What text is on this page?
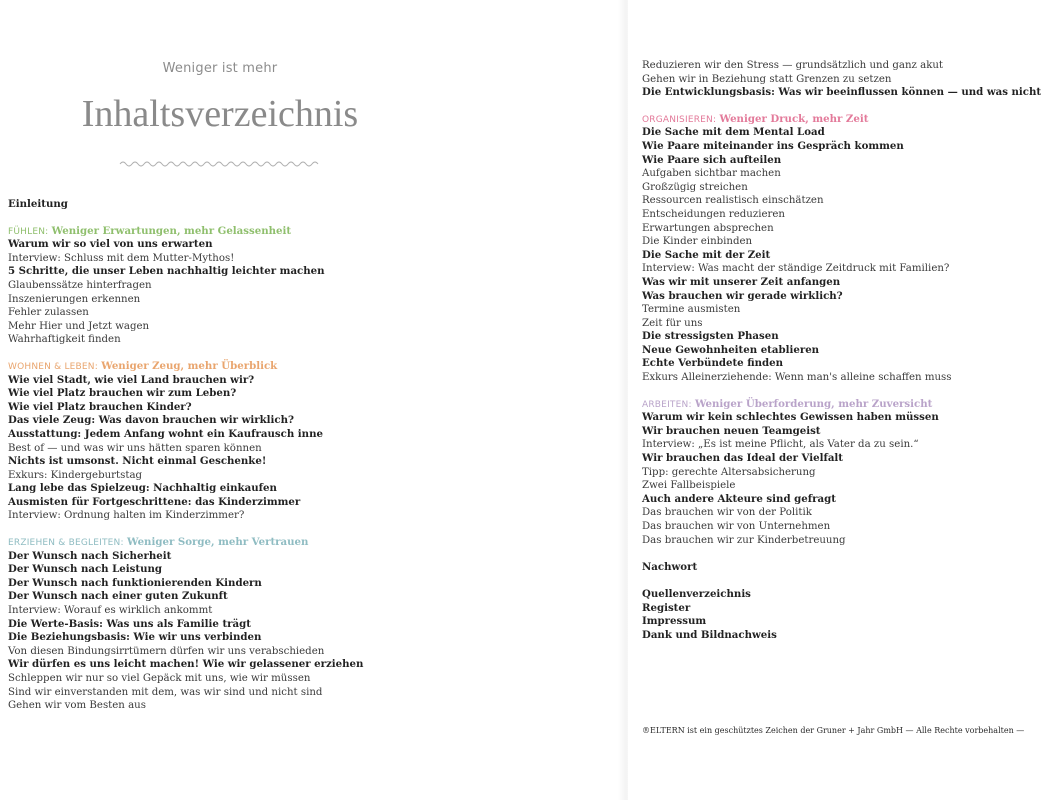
Weniger ist mehr
Inhaltsverzeichnis
Einleitung
FÜHLEN: Weniger Erwartungen, mehr Gelassenheit
Warum wir so viel von uns erwarten
Interview: Schluss mit dem Mutter-Mythos!
5 Schritte, die unser Leben nachhaltig leichter machen
Glaubenssätze hinterfragen
Inszenierungen erkennen
Fehler zulassen
Mehr Hier und Jetzt wagen
Wahrhaftigkeit finden
WOHNEN & LEBEN: Weniger Zeug, mehr Überblick
Wie viel Stadt, wie viel Land brauchen wir?
Wie viel Platz brauchen wir zum Leben?
Wie viel Platz brauchen Kinder?
Das viele Zeug: Was davon brauchen wir wirklich?
Ausstattung: Jedem Anfang wohnt ein Kaufrausch inne
Best of — und was wir uns hätten sparen können
Nichts ist umsonst. Nicht einmal Geschenke!
Exkurs: Kindergeburtstag
Lang lebe das Spielzeug: Nachhaltig einkaufen
Ausmisten für Fortgeschrittene: das Kinderzimmer
Interview: Ordnung halten im Kinderzimmer?
ERZIEHEN & BEGLEITEN: Weniger Sorge, mehr Vertrauen
Der Wunsch nach Sicherheit
Der Wunsch nach Leistung
Der Wunsch nach funktionierenden Kindern
Der Wunsch nach einer guten Zukunft
Interview: Worauf es wirklich ankommt
Die Werte-Basis: Was uns als Familie trägt
Die Beziehungsbasis: Wie wir uns verbinden
Von diesen Bindungsirrtümern dürfen wir uns verabschieden
Wir dürfen es uns leicht machen! Wie wir gelassener erziehen
Schleppen wir nur so viel Gepäck mit uns, wie wir müssen
Sind wir einverstanden mit dem, was wir sind und nicht sind
Gehen wir vom Besten aus
Reduzieren wir den Stress — grundsätzlich und ganz akut
Gehen wir in Beziehung statt Grenzen zu setzen
Die Entwicklungsbasis: Was wir beeinflussen können — und was nicht
ORGANISIEREN: Weniger Druck, mehr Zeit
Die Sache mit dem Mental Load
Wie Paare miteinander ins Gespräch kommen
Wie Paare sich aufteilen
Aufgaben sichtbar machen
Großzügig streichen
Ressourcen realistisch einschätzen
Entscheidungen reduzieren
Erwartungen absprechen
Die Kinder einbinden
Die Sache mit der Zeit
Interview: Was macht der ständige Zeitdruck mit Familien?
Was wir mit unserer Zeit anfangen
Was brauchen wir gerade wirklich?
Termine ausmisten
Zeit für uns
Die stressigsten Phasen
Neue Gewohnheiten etablieren
Echte Verbündete finden
Exkurs Alleinerziehende: Wenn man's alleine schaffen muss
ARBEITEN: Weniger Überforderung, mehr Zuversicht
Warum wir kein schlechtes Gewissen haben müssen
Wir brauchen neuen Teamgeist
Interview: „Es ist meine Pflicht, als Vater da zu sein.“
Wir brauchen das Ideal der Vielfalt
Tipp: gerechte Altersabsicherung
Zwei Fallbeispiele
Auch andere Akteure sind gefragt
Das brauchen wir von der Politik
Das brauchen wir von Unternehmen
Das brauchen wir zur Kinderbetreuung
Nachwort
Quellenverzeichnis
Register
Impressum
Dank und Bildnachweis
®ELTERN ist ein geschütztes Zeichen der Gruner + Jahr GmbH — Alle Rechte vorbehalten —
